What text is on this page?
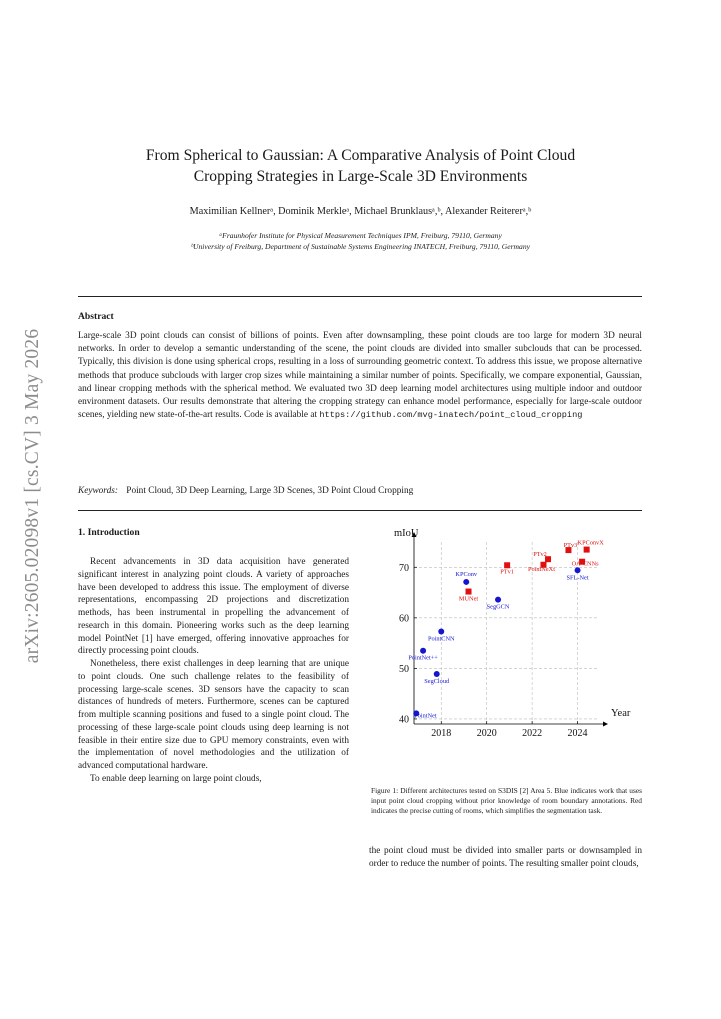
arXiv:2605.02098v1 [cs.CV] 3 May 2026
From Spherical to Gaussian: A Comparative Analysis of Point Cloud
Cropping Strategies in Large-Scale 3D Environments
Maximilian Kellnerᵃ, Dominik Merkleᵃ, Michael Brunklausᵃ,ᵇ, Alexander Reitererᵃ,ᵇ
ᵃFraunhofer Institute for Physical Measurement Techniques IPM, Freiburg, 79110, Germany
ᵇUniversity of Freiburg, Department of Sustainable Systems Engineering INATECH, Freiburg, 79110, Germany
Abstract
Large-scale 3D point clouds can consist of billions of points. Even after downsampling, these point clouds are too large for modern 3D neural networks. In order to develop a semantic understanding of the scene, the point clouds are divided into smaller subclouds that can be processed. Typically, this division is done using spherical crops, resulting in a loss of surrounding geometric context. To address this issue, we propose alternative methods that produce subclouds with larger crop sizes while maintaining a similar number of points. Specifically, we compare exponential, Gaussian, and linear cropping methods with the spherical method. We evaluated two 3D deep learning model architectures using multiple indoor and outdoor environment datasets. Our results demonstrate that altering the cropping strategy can enhance model performance, especially for large-scale outdoor scenes, yielding new state-of-the-art results. Code is available at https://github.com/mvg-inatech/point_cloud_cropping
Keywords: Point Cloud, 3D Deep Learning, Large 3D Scenes, 3D Point Cloud Cropping
1. Introduction

Recent advancements in 3D data acquisition have generated significant interest in analyzing point clouds. A variety of approaches have been developed to address this issue. The employment of diverse representations, encompassing 2D projections and discretization methods, has been instrumental in propelling the advancement of research in this domain. Pioneering works such as the deep learning model PointNet [1] have emerged, offering innovative approaches for directly processing point clouds.

Nonetheless, there exist challenges in deep learning that are unique to point clouds. One such challenge relates to the feasibility of processing large-scale scenes. 3D sensors have the capacity to scan distances of hundreds of meters. Furthermore, scenes can be captured from multiple scanning positions and fused to a single point cloud. The processing of these large-scale point clouds using deep learning is not feasible in their entire size due to GPU memory constraints, even with the implementation of novel methodologies and the utilization of advanced computational hardware.

To enable deep learning on large point clouds,

2018	2020	2022	2024
40
50
60
70
Year
mIoU
PointNet
SegCloud
PointNet++
PointCNN
KPConv
SegGCN
SFL-Net
MUNet
PTv1 PointNeXt
PTv2
PTv3 KPConvX
OA-CNNs
Figure 1: Different architectures tested on S3DIS [2] Area 5. Blue indicates work that uses input point cloud cropping without prior knowledge of room boundary annotations. Red indicates the precise cutting of rooms, which simplifies the segmentation task.

the point cloud must be divided into smaller parts or downsampled in order to reduce the number of points. The resulting smaller point clouds,
